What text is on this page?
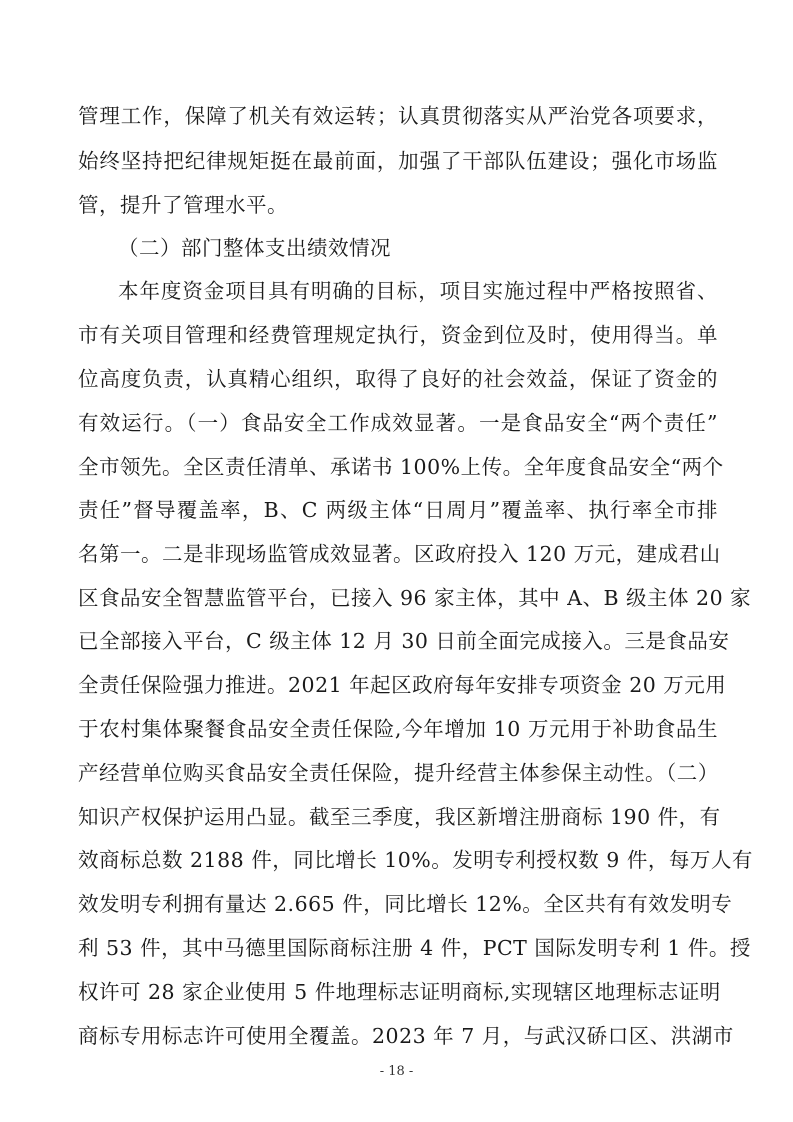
管理工作，保障了机关有效运转；认真贯彻落实从严治党各项要求，
始终坚持把纪律规矩挺在最前面，加强了干部队伍建设；强化市场监
管，提升了管理水平。
（二）部门整体支出绩效情况
本年度资金项目具有明确的目标，项目实施过程中严格按照省、
市有关项目管理和经费管理规定执行，资金到位及时，使用得当。单
位高度负责，认真精心组织，取得了良好的社会效益，保证了资金的
有效运行。（一）食品安全工作成效显著。一是食品安全“两个责任”
全市领先。全区责任清单、承诺书 100%上传。全年度食品安全“两个
责任”督导覆盖率，B、C 两级主体“日周月”覆盖率、执行率全市排
名第一。二是非现场监管成效显著。区政府投入 120 万元，建成君山
区食品安全智慧监管平台，已接入 96 家主体，其中 A、B 级主体 20 家
已全部接入平台，C 级主体 12 月 30 日前全面完成接入。三是食品安
全责任保险强力推进。2021 年起区政府每年安排专项资金 20 万元用
于农村集体聚餐食品安全责任保险,今年增加 10 万元用于补助食品生
产经营单位购买食品安全责任保险，提升经营主体参保主动性。（二）
知识产权保护运用凸显。截至三季度，我区新增注册商标 190 件，有
效商标总数 2188 件，同比增长 10%。发明专利授权数 9 件，每万人有
效发明专利拥有量达 2.665 件，同比增长 12%。全区共有有效发明专
利 53 件，其中马德里国际商标注册 4 件，PCT 国际发明专利 1 件。授
权许可 28 家企业使用 5 件地理标志证明商标,实现辖区地理标志证明
商标专用标志许可使用全覆盖。2023 年 7 月，与武汉硚口区、洪湖市
- 18 -
